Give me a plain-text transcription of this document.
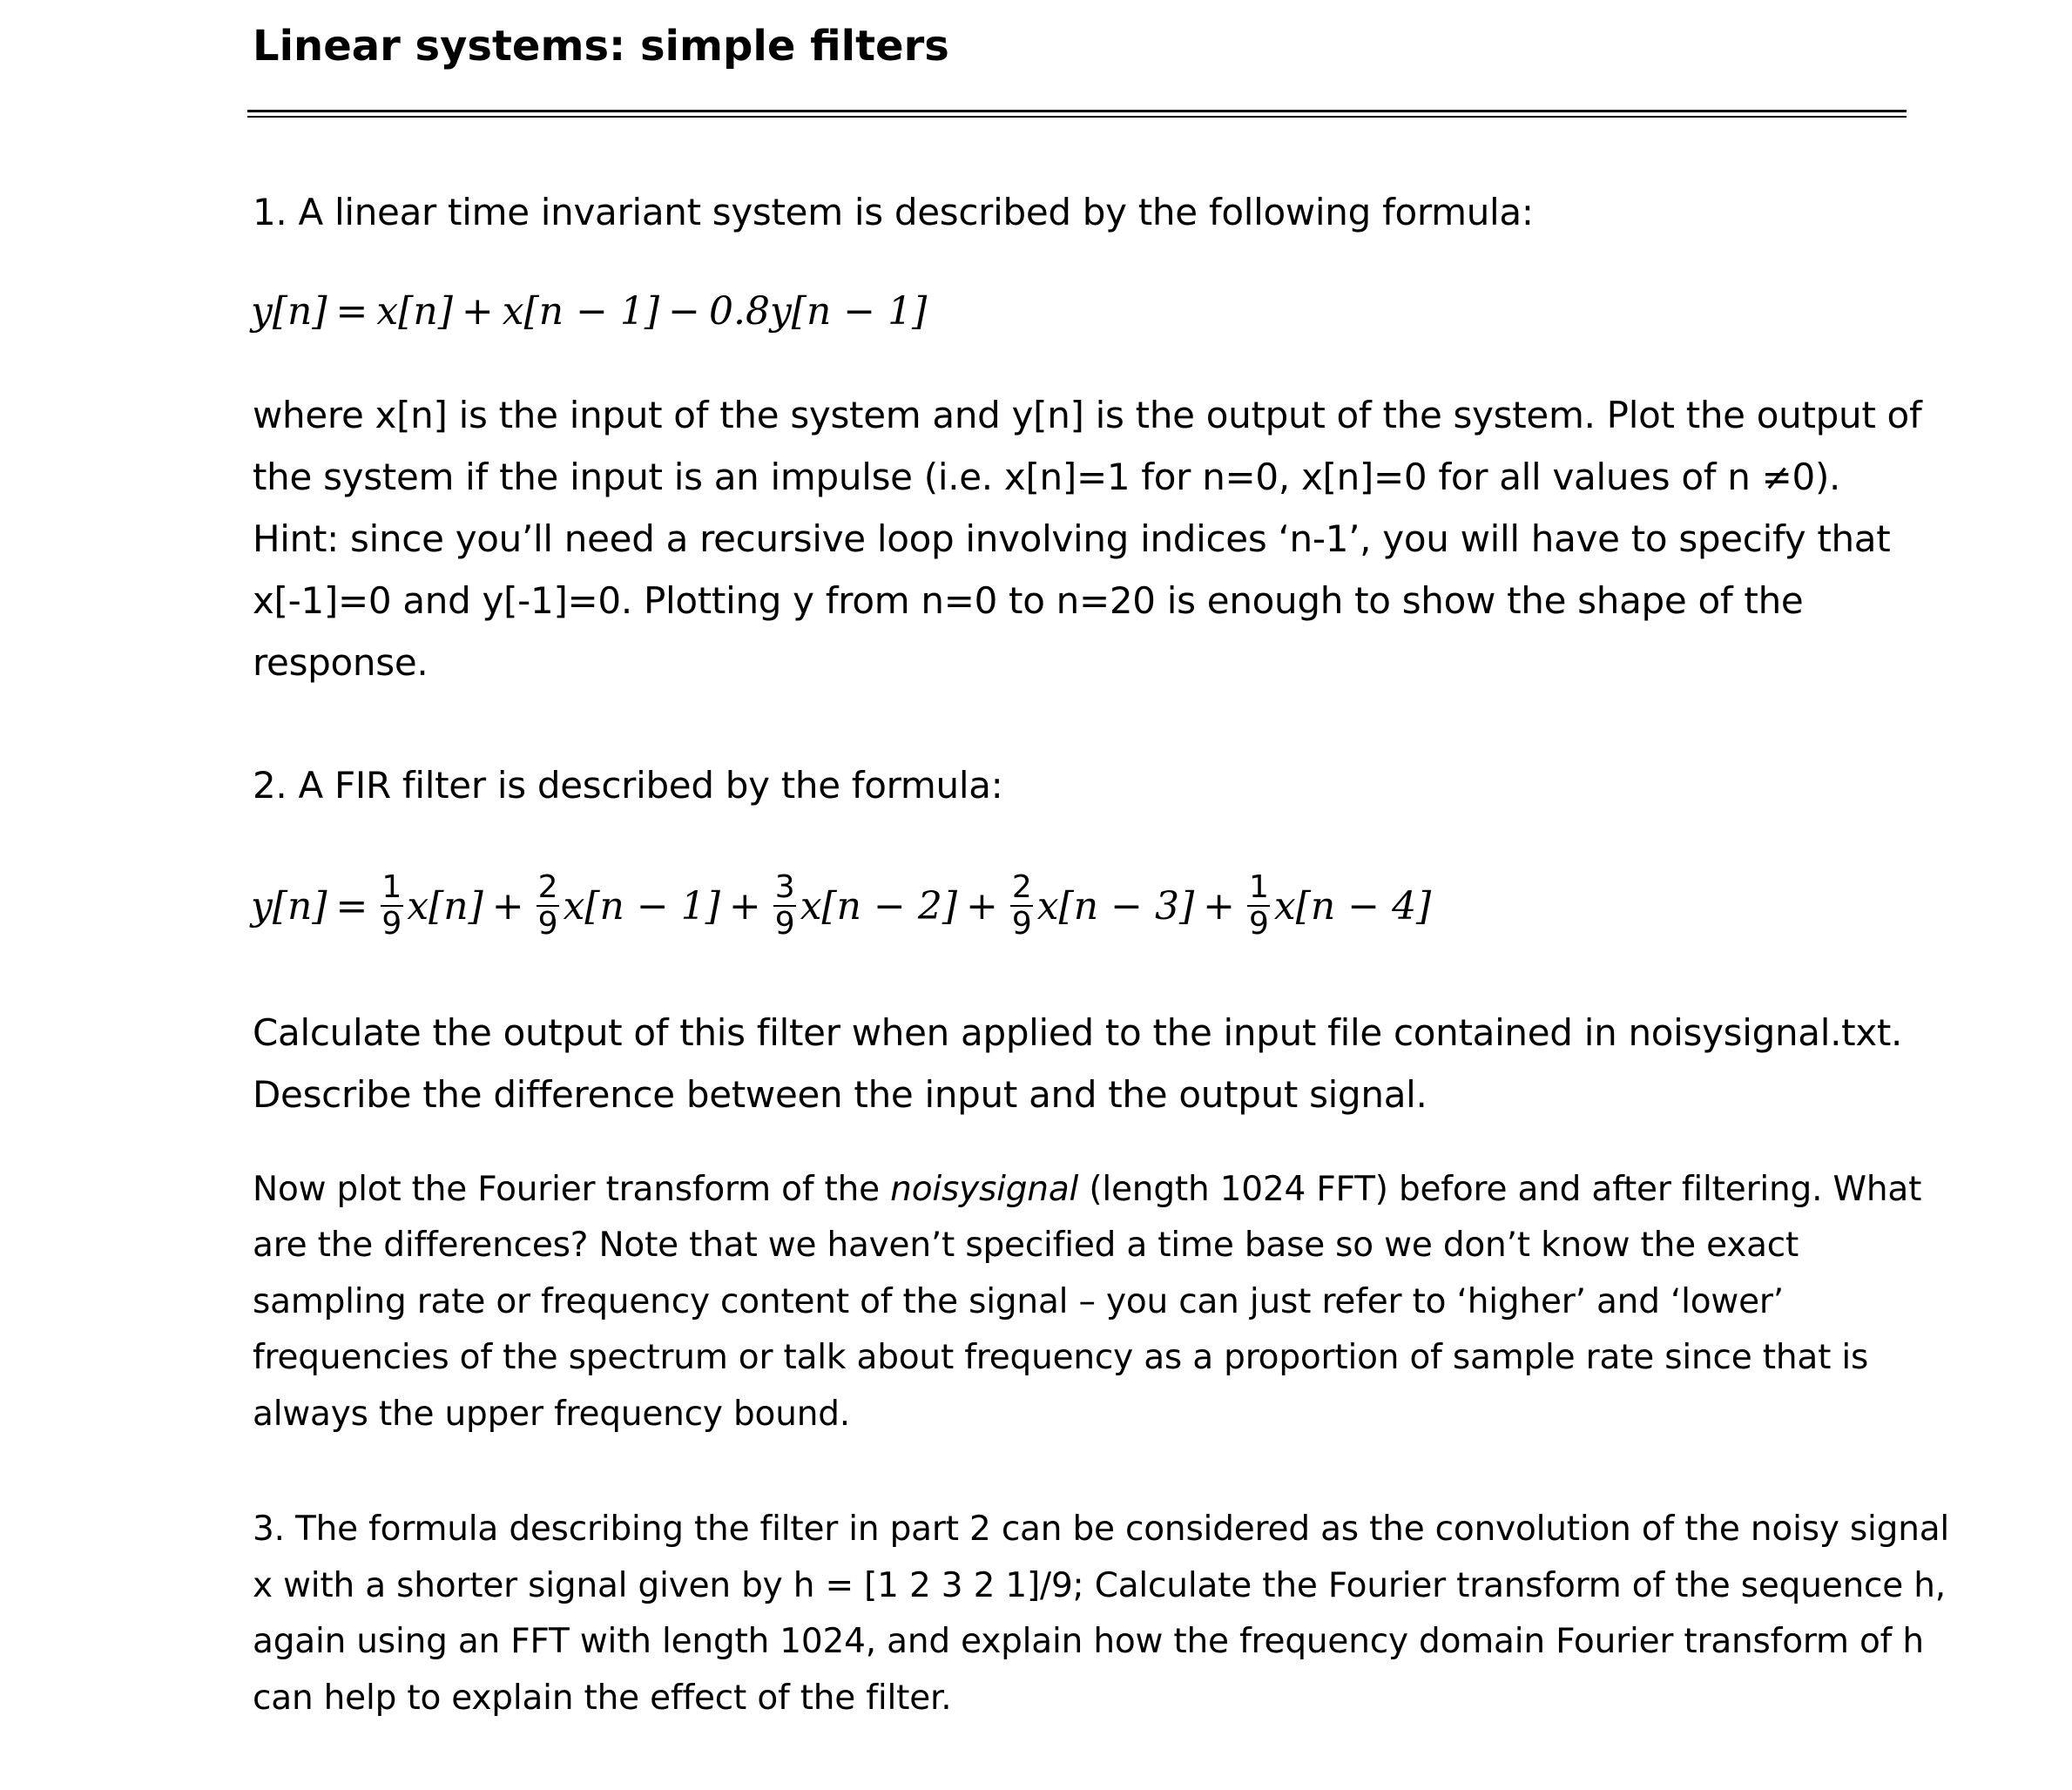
Linear systems: simple filters

1. A linear time invariant system is described by the following formula:

y[n] = x[n] + x[n − 1] − 0.8y[n − 1]

where x[n] is the input of the system and y[n] is the output of the system. Plot the output of

the system if the input is an impulse (i.e. x[n]=1 for n=0, x[n]=0 for all values of n ≠0).

Hint: since you’ll need a recursive loop involving indices ‘n-1’, you will have to specify that

x[-1]=0 and y[-1]=0. Plotting y from n=0 to n=20 is enough to show the shape of the

response.

2. A FIR filter is described by the formula:

$y[n] = \frac{1}{9} x[n] + \frac{2}{9} x[n - 1] + \frac{3}{9} x[n - 2] + \frac{2}{9} x[n - 3] + \frac{1}{9} x[n - 4]$

Calculate the output of this filter when applied to the input file contained in noisysignal.txt.

Describe the difference between the input and the output signal.

Now plot the Fourier transform of the noisysignal (length 1024 FFT) before and after filtering. What

are the differences? Note that we haven’t specified a time base so we don’t know the exact

sampling rate or frequency content of the signal – you can just refer to ‘higher’ and ‘lower’

frequencies of the spectrum or talk about frequency as a proportion of sample rate since that is

always the upper frequency bound.

3. The formula describing the filter in part 2 can be considered as the convolution of the noisy signal

x with a shorter signal given by h = [1 2 3 2 1]/9; Calculate the Fourier transform of the sequence h,

again using an FFT with length 1024, and explain how the frequency domain Fourier transform of h

can help to explain the effect of the filter.
